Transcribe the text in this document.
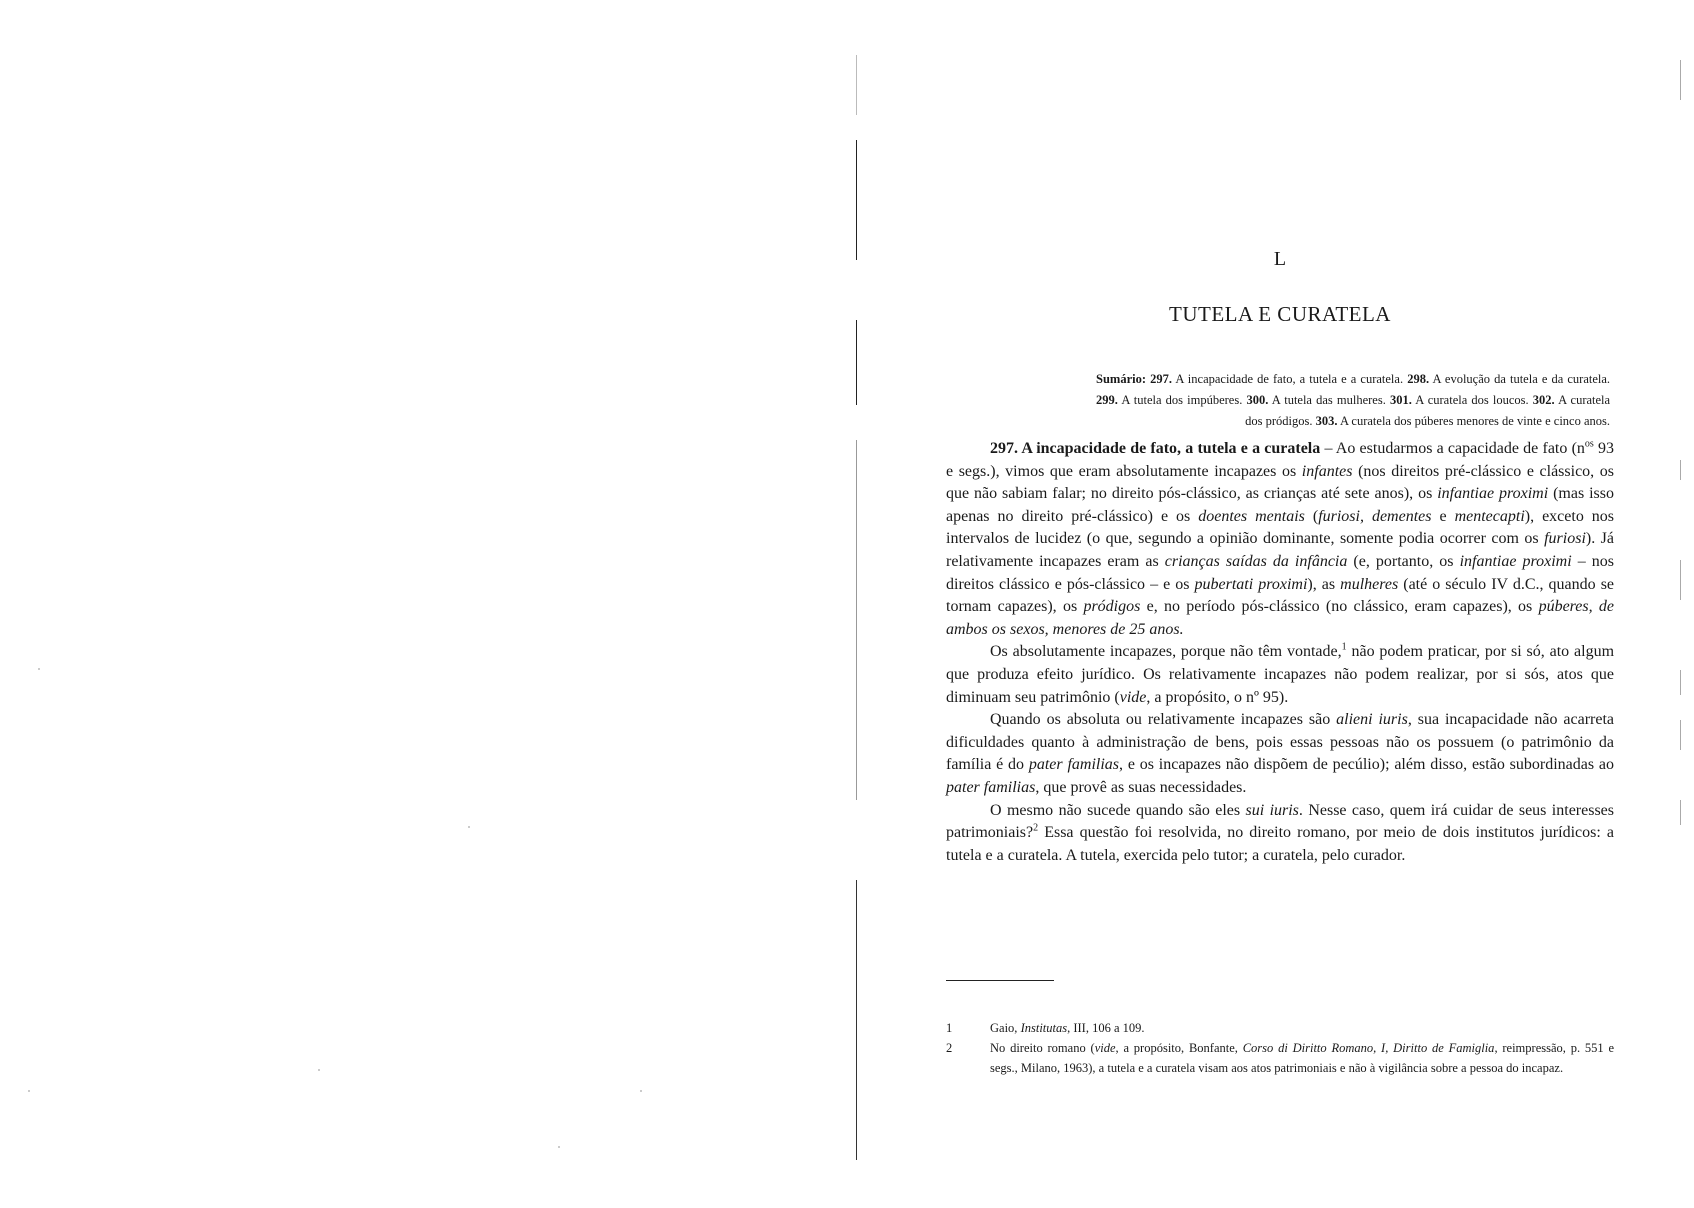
L
TUTELA E CURATELA
Sumário: 297. A incapacidade de fato, a tutela e a curatela. 298. A evolução da tutela e da curatela. 299. A tutela dos impúberes. 300. A tutela das mulheres. 301. A curatela dos loucos. 302. A curatela dos pródigos. 303. A curatela dos púberes menores de vinte e cinco anos.

297. A incapacidade de fato, a tutela e a curatela – Ao estudarmos a capacidade de fato ($n^{os}$ 93 e segs.), vimos que eram absolutamente incapazes os infantes (nos direitos pré-clássico e clássico, os que não sabiam falar; no direito pós-clássico, as crianças até sete anos), os infantiae proximi (mas isso apenas no direito pré-clássico) e os doentes mentais (furiosi, dementes e mentecapti), exceto nos intervalos de lucidez (o que, segundo a opinião dominante, somente podia ocorrer com os furiosi). Já relativamente incapazes eram as crianças saídas da infância (e, portanto, os infantiae proximi – nos direitos clássico e pós-clássico – e os pubertati proximi), as mulheres (até o século IV d.C., quando se tornam capazes), os pródigos e, no período pós-clássico (no clássico, eram capazes), os púberes, de ambos os sexos, menores de 25 anos.

Os absolutamente incapazes, porque não têm vontade,$^1$ não podem praticar, por si só, ato algum que produza efeito jurídico. Os relativamente incapazes não podem realizar, por si sós, atos que diminuam seu patrimônio (vide, a propósito, o nº 95).

Quando os absoluta ou relativamente incapazes são alieni iuris, sua incapacidade não acarreta dificuldades quanto à administração de bens, pois essas pessoas não os possuem (o patrimônio da família é do pater familias, e os incapazes não dispõem de pecúlio); além disso, estão subordinadas ao pater familias, que provê as suas necessidades.

O mesmo não sucede quando são eles sui iuris. Nesse caso, quem irá cuidar de seus interesses patrimoniais?$^2$ Essa questão foi resolvida, no direito romano, por meio de dois institutos jurídicos: a tutela e a curatela. A tutela, exercida pelo tutor; a curatela, pelo curador.

1	Gaio, Institutas, III, 106 a 109.
2	No direito romano (vide, a propósito, Bonfante, Corso di Diritto Romano, I, Diritto de Famiglia, reimpressão, p. 551 e segs., Milano, 1963), a tutela e a curatela visam aos atos patrimoniais e não à vigilância sobre a pessoa do incapaz.
